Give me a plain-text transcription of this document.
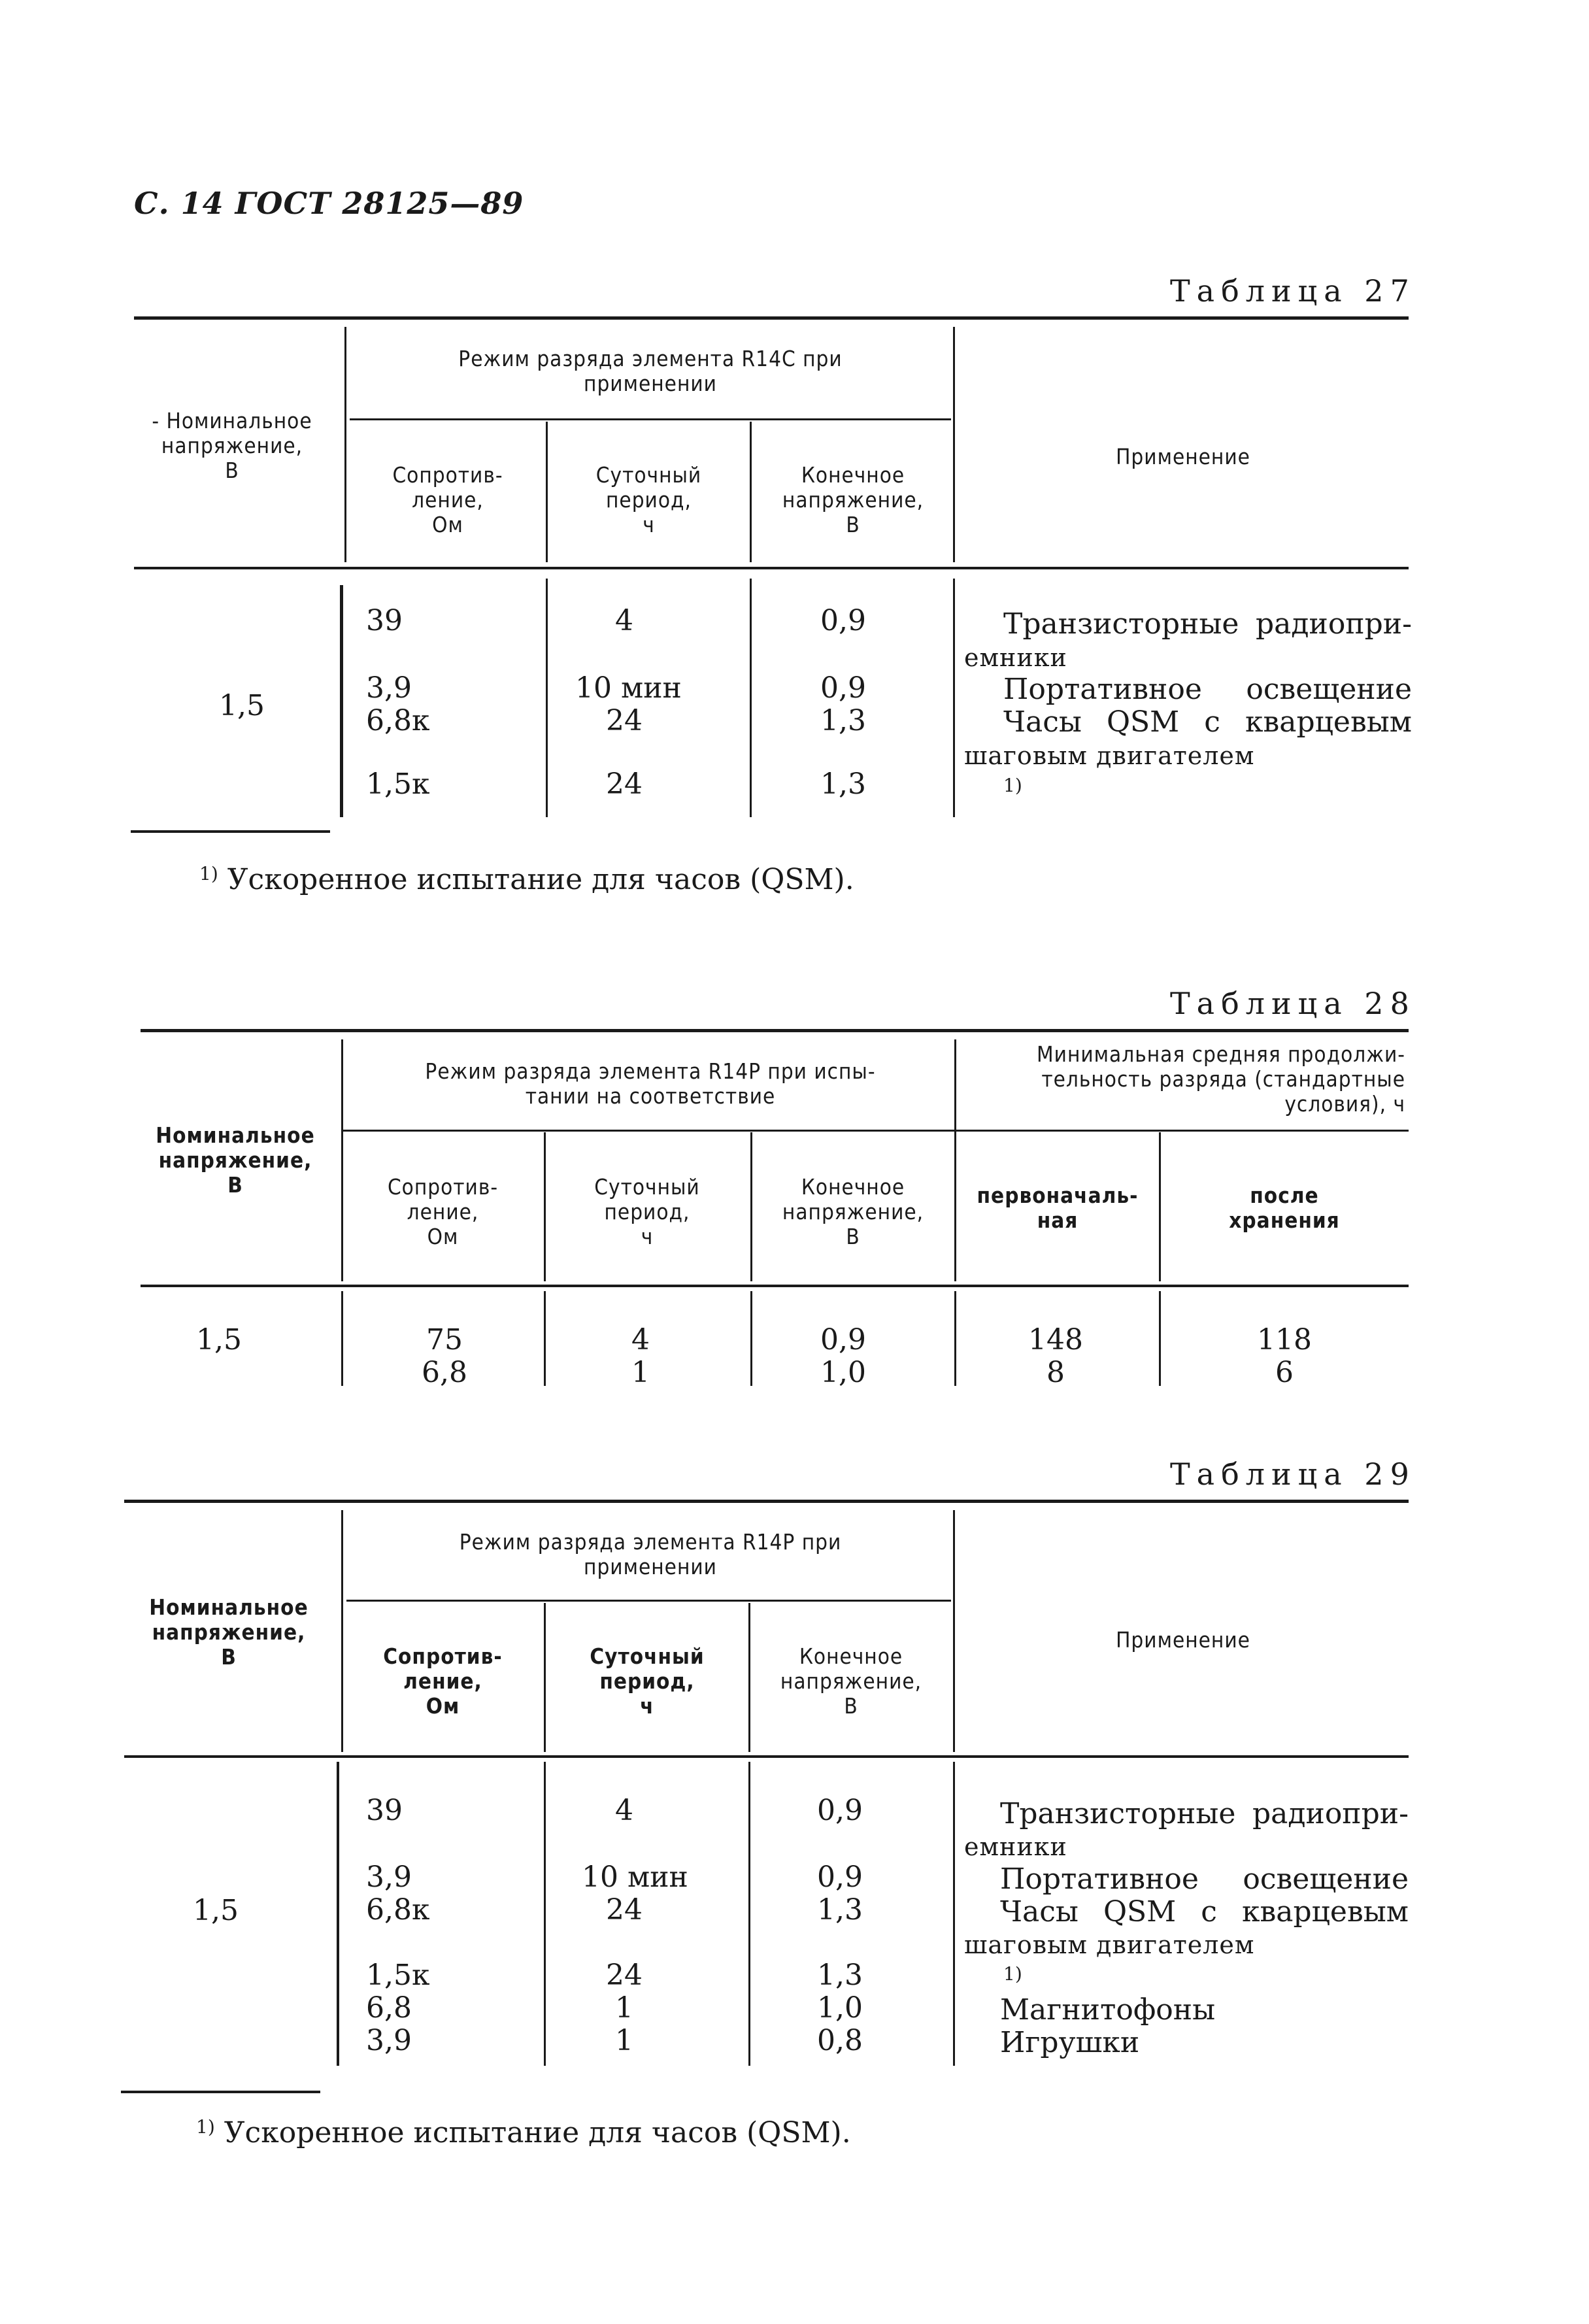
С. 14 ГОСТ 28125—89
Таблица 27
- Номинальное
напряжение,
В
Режим разряда элемента R14C при
применении
Сопротив-
ление,
Ом
Суточный
период,
ч
Конечное
напряжение,
В
Применение
1,5
39	4	0,9
3,9	10 мин	0,9
6,8к	24	1,3
1,5к	24	1,3
Транзисторные радиопри-
емники
Портативное освещение
Часы QSM с кварцевым
шаговым двигателем
1)
$^{1)}$ Ускоренное испытание для часов (QSM).
Таблица 28
Номинальное
напряжение,
В
Режим разряда элемента R14P при испы-
тании на соответствие
Минимальная средняя продолжи-
тельность разряда (стандартные
условия), ч
Сопротив-
ление,
Ом
Суточный
период,
ч
Конечное
напряжение,
В
первоначаль-
ная
после
хранения
1,5	75	4	0,9	148	118
6,8	1	1,0	8	6
Таблица 29
Номинальное
напряжение,
В
Режим разряда элемента R14P при
применении
Сопротив-
ление,
Ом
Суточный
период,
ч
Конечное
напряжение,
В
Применение
1,5
39	4	0,9
3,9	10 мин	0,9
6,8к	24	1,3
1,5к	24	1,3
6,8	1	1,0
3,9	1	0,8
Транзисторные радиопри-
емники
Портативное освещение
Часы QSM с кварцевым
шаговым двигателем
1)
Магнитофоны
Игрушки
$^{1)}$ Ускоренное испытание для часов (QSM).
